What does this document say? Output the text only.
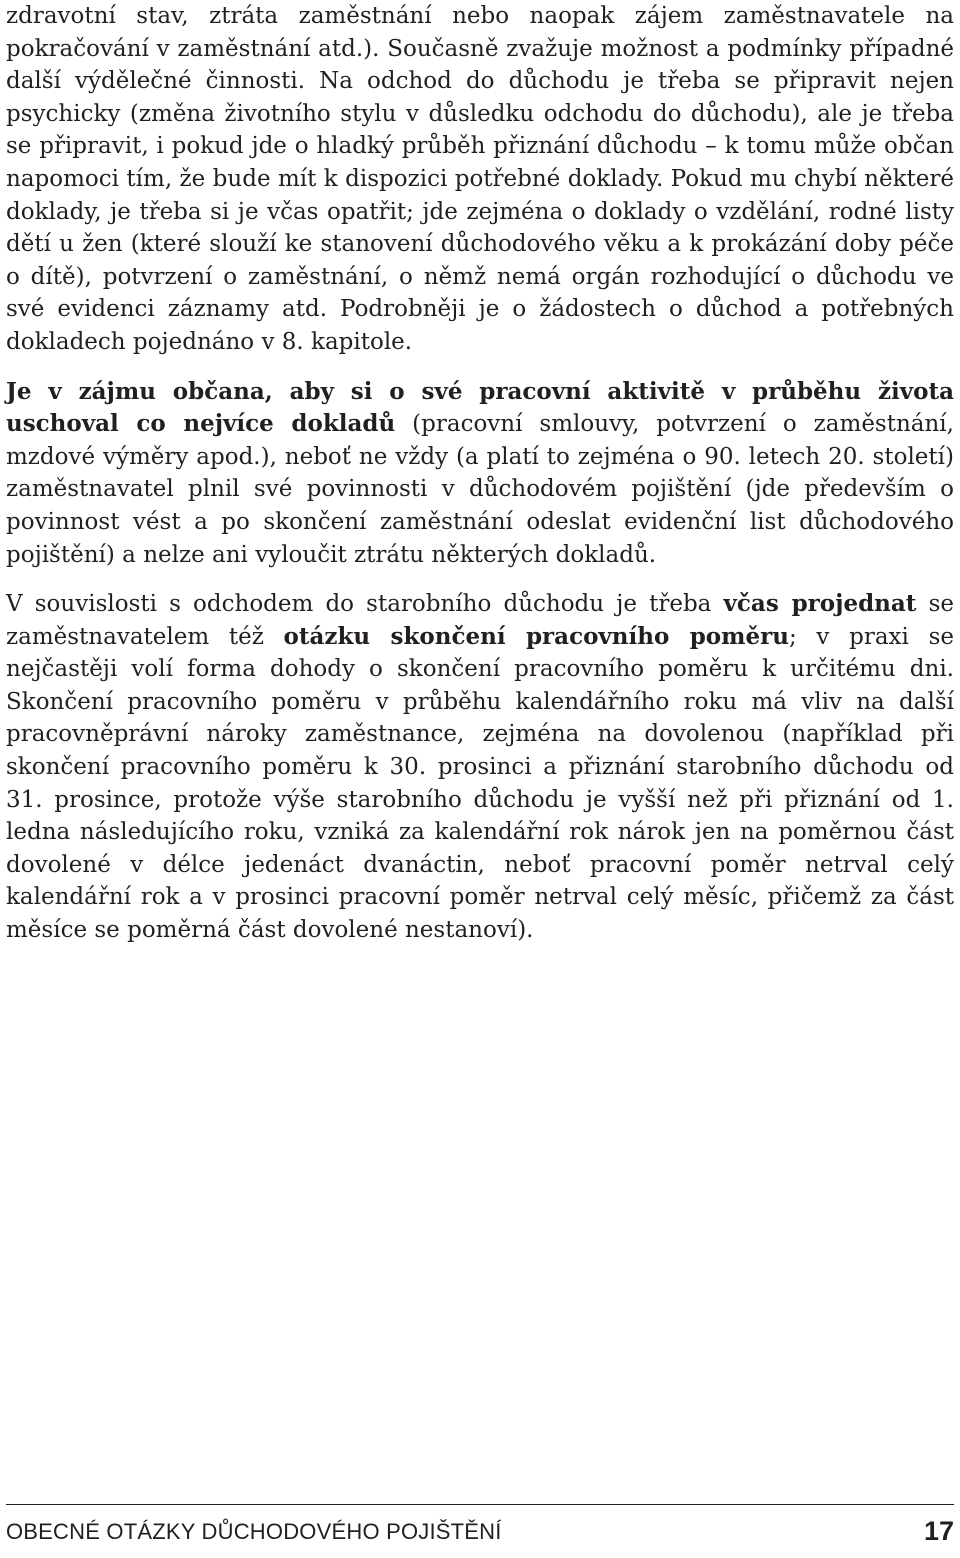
zdravotní stav, ztráta zaměstnání nebo naopak zájem zaměstnavatele na pokračování v zaměstnání atd.). Současně zvažuje možnost a podmínky případné další výdělečné činnosti. Na odchod do důchodu je třeba se připravit nejen psychicky (změna životního stylu v důsledku odchodu do důchodu), ale je třeba se připravit, i pokud jde o hladký průběh přiznání důchodu – k tomu může občan napomoci tím, že bude mít k dispozici potřebné doklady. Pokud mu chybí některé doklady, je třeba si je včas opatřit; jde zejména o doklady o vzdělání, rodné listy dětí u žen (které slouží ke stanovení důchodového věku a k prokázání doby péče o dítě), potvrzení o zaměstnání, o němž nemá orgán rozhodující o důchodu ve své evidenci záznamy atd. Podrobněji je o žádostech o důchod a potřebných dokladech pojednáno v 8. kapitole.

Je v zájmu občana, aby si o své pracovní aktivitě v průběhu života uschoval co nejvíce dokladů (pracovní smlouvy, potvrzení o zaměstnání, mzdové výměry apod.), neboť ne vždy (a platí to zejména o 90. letech 20. století) zaměstnavatel plnil své povinnosti v důchodovém pojištění (jde především o povinnost vést a po skončení zaměstnání odeslat evidenční list důchodového pojištění) a nelze ani vyloučit ztrátu některých dokladů.

V souvislosti s odchodem do starobního důchodu je třeba včas projednat se zaměstnavatelem též otázku skončení pracovního poměru; v praxi se nejčastěji volí forma dohody o skončení pracovního poměru k určitému dni. Skončení pracovního poměru v průběhu kalendářního roku má vliv na další pracovněprávní nároky zaměstnance, zejména na dovolenou (například při skončení pracovního poměru k 30. prosinci a přiznání starobního důchodu od 31. prosince, protože výše starobního důchodu je vyšší než při přiznání od 1. ledna následujícího roku, vzniká za kalendářní rok nárok jen na poměrnou část dovolené v délce jedenáct dvanáctin, neboť pracovní poměr netrval celý kalendářní rok a v prosinci pracovní poměr netrval celý měsíc, přičemž za část měsíce se poměrná část dovolené nestanoví).

OBECNÉ OTÁZKY DŮCHODOVÉHO POJIŠTĚNÍ	17
